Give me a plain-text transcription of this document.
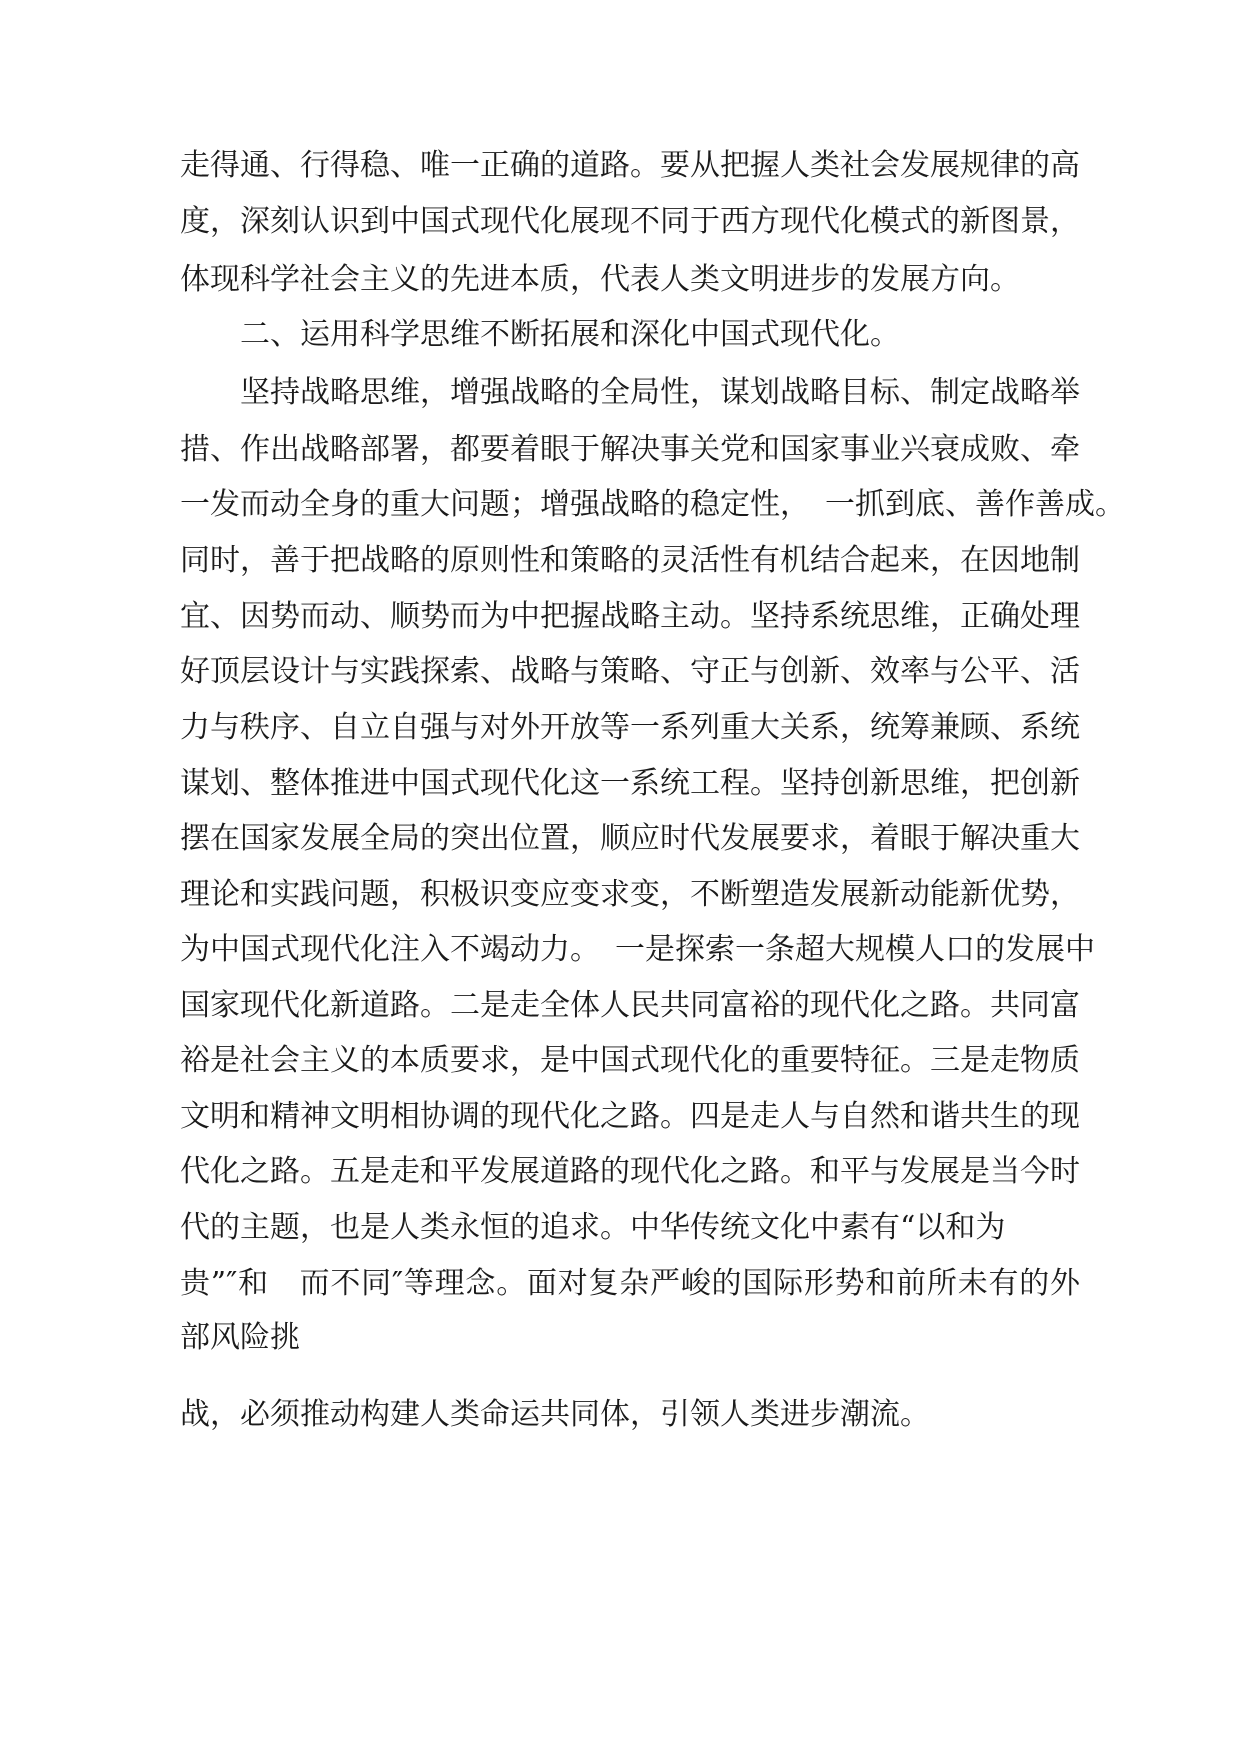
走得通、行得稳、唯一正确的道路。要从把握人类社会发展规律的高
度，深刻认识到中国式现代化展现不同于西方现代化模式的新图景，
体现科学社会主义的先进本质，代表人类文明进步的发展方向。
二、运用科学思维不断拓展和深化中国式现代化。
坚持战略思维，增强战略的全局性，谋划战略目标、制定战略举
措、作出战略部署，都要着眼于解决事关党和国家事业兴衰成败、牵
一发而动全身的重大问题；增强战略的稳定性，　一抓到底、善作善成。
同时，善于把战略的原则性和策略的灵活性有机结合起来，在因地制
宜、因势而动、顺势而为中把握战略主动。坚持系统思维，正确处理
好顶层设计与实践探索、战略与策略、守正与创新、效率与公平、活
力与秩序、自立自强与对外开放等一系列重大关系，统筹兼顾、系统
谋划、整体推进中国式现代化这一系统工程。坚持创新思维，把创新
摆在国家发展全局的突出位置，顺应时代发展要求，着眼于解决重大
理论和实践问题，积极识变应变求变，不断塑造发展新动能新优势，
为中国式现代化注入不竭动力。　一是探索一条超大规模人口的发展中
国家现代化新道路。二是走全体人民共同富裕的现代化之路。共同富
裕是社会主义的本质要求，是中国式现代化的重要特征。三是走物质
文明和精神文明相协调的现代化之路。四是走人与自然和谐共生的现
代化之路。五是走和平发展道路的现代化之路。和平与发展是当今时
代的主题，也是人类永恒的追求。中华传统文化中素有“以和为
贵”″和　而不同″等理念。面对复杂严峻的国际形势和前所未有的外
部风险挑
战，必须推动构建人类命运共同体，引领人类进步潮流。
